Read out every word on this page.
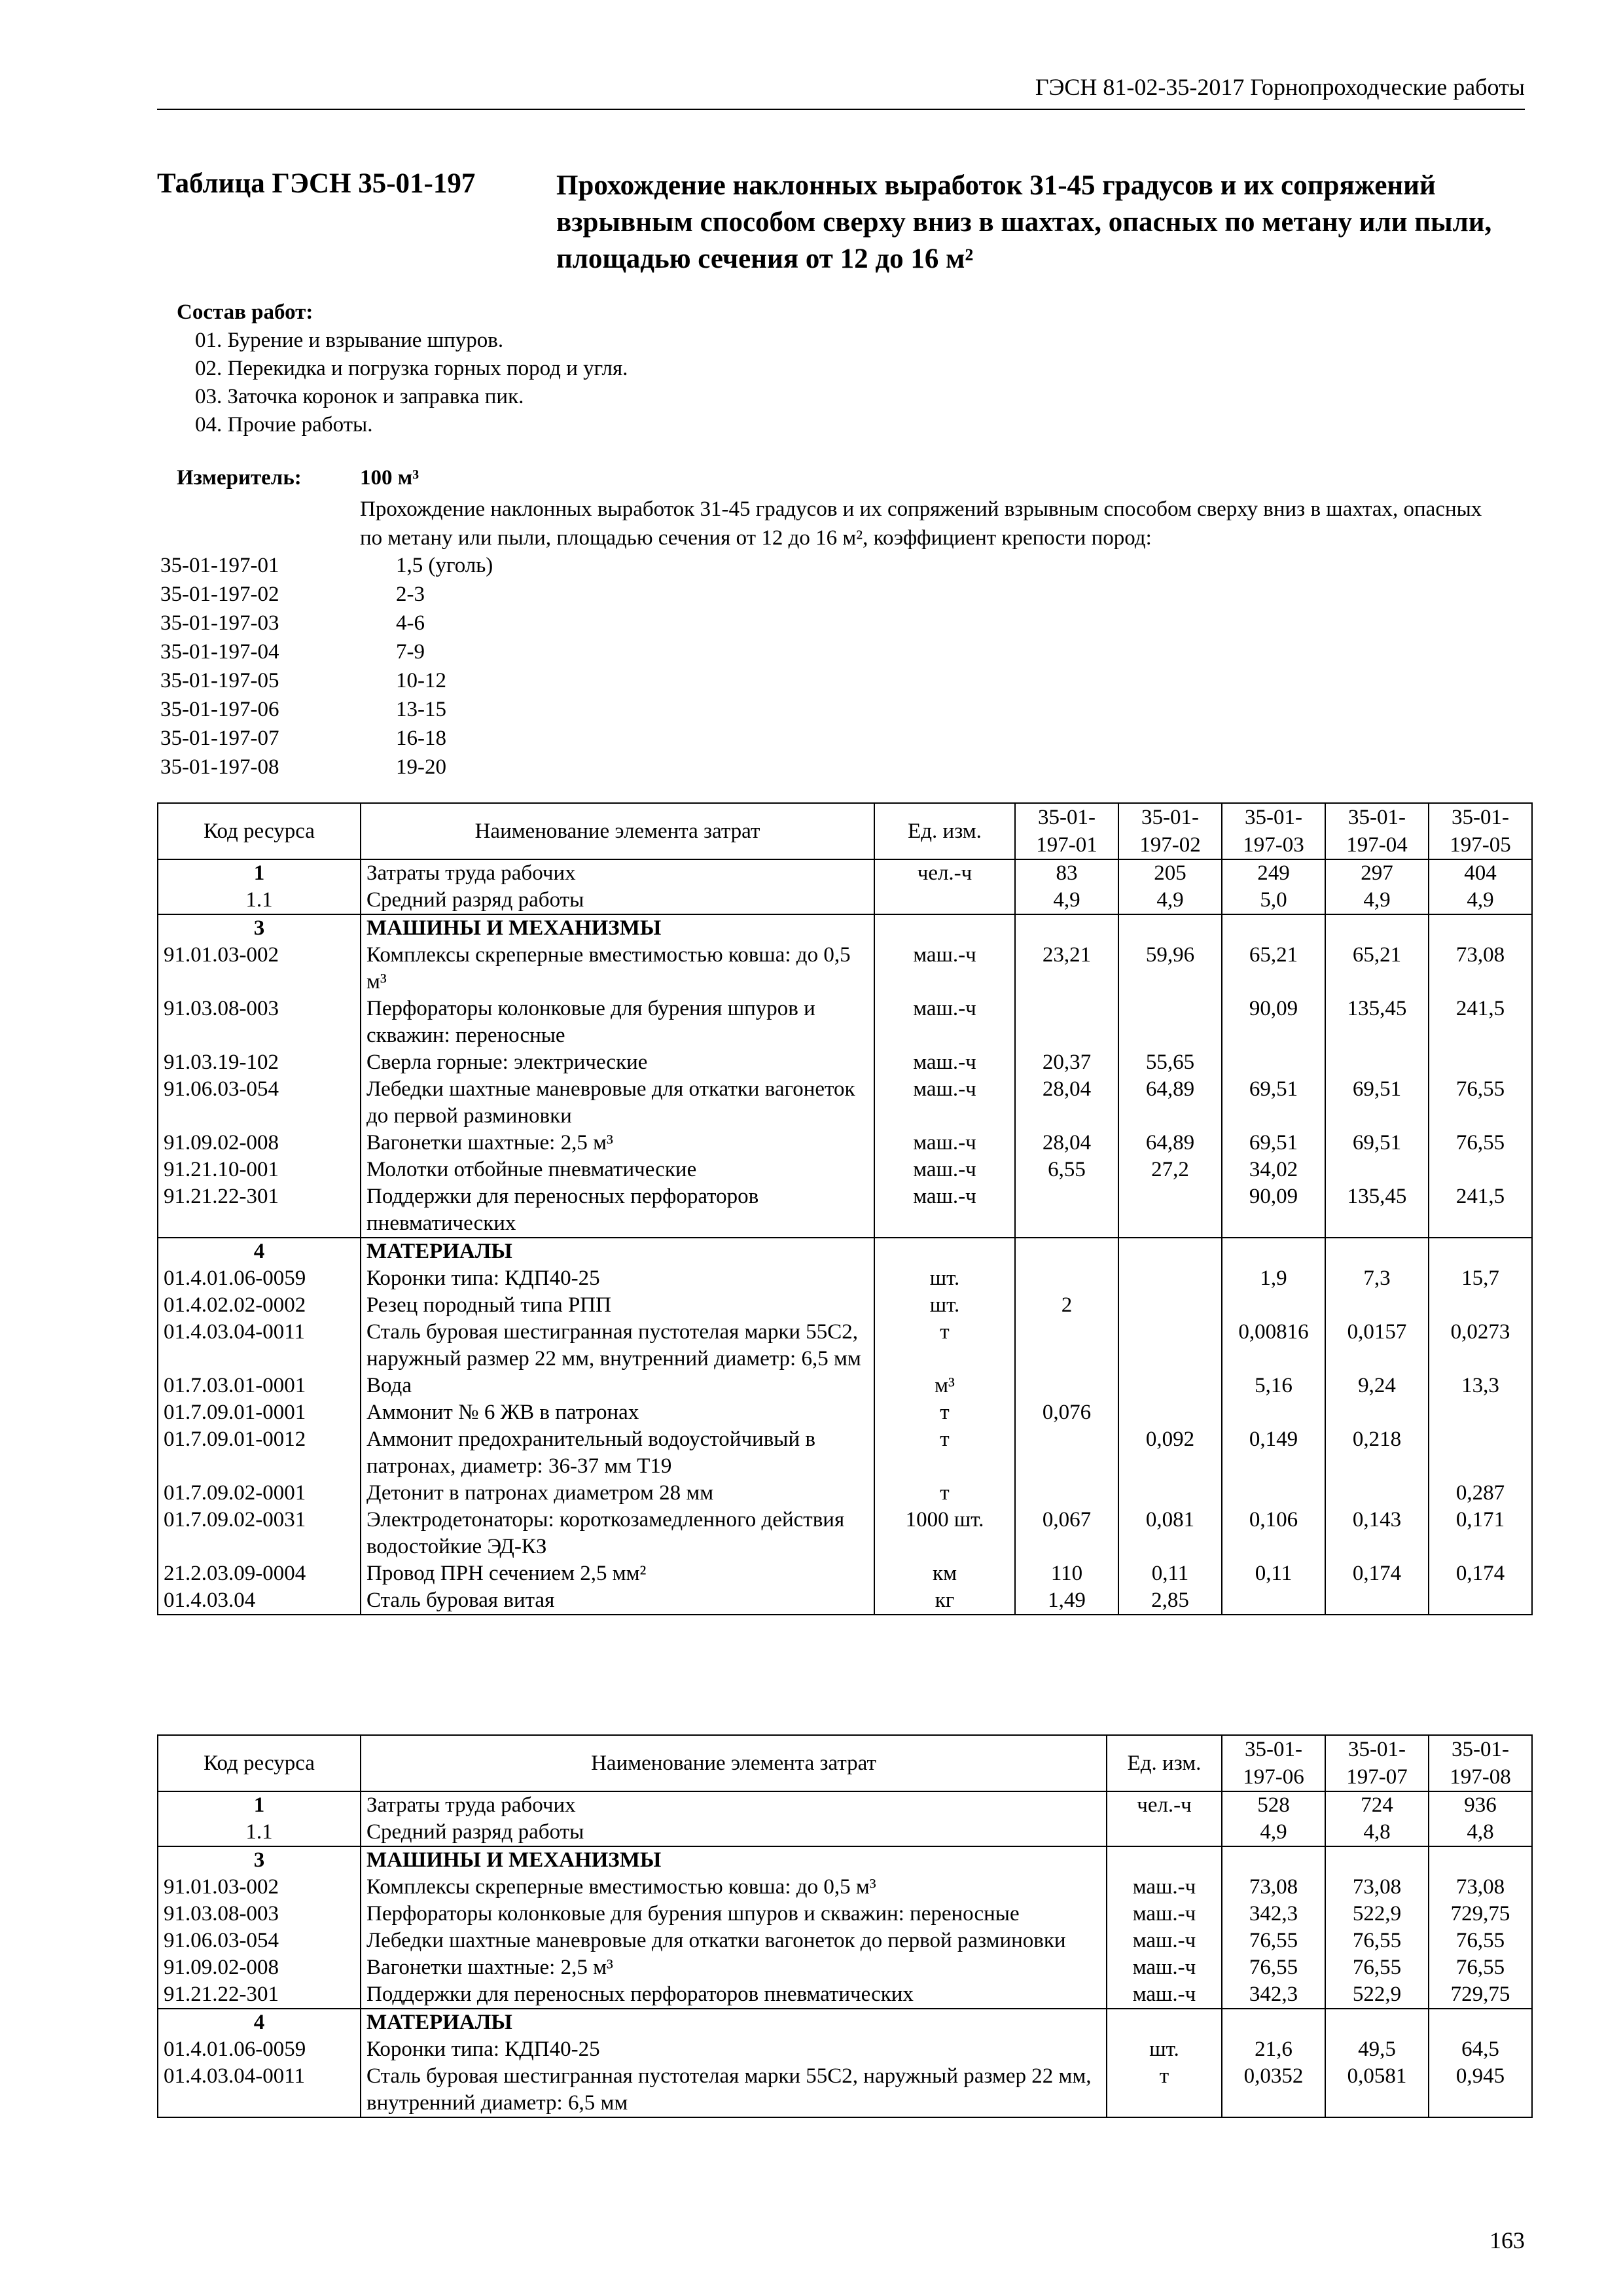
ГЭСН 81-02-35-2017 Горнопроходческие работы
Таблица ГЭСН 35-01-197	Прохождение наклонных выработок 31-45 градусов и их сопряжений взрывным способом сверху вниз в шахтах, опасных по метану или пыли, площадью сечения от 12 до 16 м²
Состав работ:
01. Бурение и взрывание шпуров.
02. Перекидка и погрузка горных пород и угля.
03. Заточка коронок и заправка пик.
04. Прочие работы.
Измеритель:	100 м³
Прохождение наклонных выработок 31-45 градусов и их сопряжений взрывным способом сверху вниз в шахтах, опасных по метану или пыли, площадью сечения от 12 до 16 м², коэффициент крепости пород:
35-01-197-01	1,5 (уголь)
35-01-197-02	2-3
35-01-197-03	4-6
35-01-197-04	7-9
35-01-197-05	10-12
35-01-197-06	13-15
35-01-197-07	16-18
35-01-197-08	19-20
Код ресурса	Наименование элемента затрат	Ед. изм.	35-01-197-01	35-01-197-02	35-01-197-03	35-01-197-04	35-01-197-05
1	Затраты труда рабочих	чел.-ч	83	205	249	297	404
1.1	Средний разряд работы		4,9	4,9	5,0	4,9	4,9
3	МАШИНЫ И МЕХАНИЗМЫ						
91.01.03-002	Комплексы скреперные вместимостью ковша: до 0,5 м³	маш.-ч	23,21	59,96	65,21	65,21	73,08
91.03.08-003	Перфораторы колонковые для бурения шпуров и скважин: переносные	маш.-ч			90,09	135,45	241,5
91.03.19-102	Сверла горные: электрические	маш.-ч	20,37	55,65			
91.06.03-054	Лебедки шахтные маневровые для откатки вагонеток до первой разминовки	маш.-ч	28,04	64,89	69,51	69,51	76,55
91.09.02-008	Вагонетки шахтные: 2,5 м³	маш.-ч	28,04	64,89	69,51	69,51	76,55
91.21.10-001	Молотки отбойные пневматические	маш.-ч	6,55	27,2	34,02		
91.21.22-301	Поддержки для переносных перфораторов пневматических	маш.-ч			90,09	135,45	241,5
4	МАТЕРИАЛЫ						
01.4.01.06-0059	Коронки типа: КДП40-25	шт.			1,9	7,3	15,7
01.4.02.02-0002	Резец породный типа РПП	шт.	2				
01.4.03.04-0011	Сталь буровая шестигранная пустотелая марки 55С2, наружный размер 22 мм, внутренний диаметр: 6,5 мм	т			0,00816	0,0157	0,0273
01.7.03.01-0001	Вода	м³			5,16	9,24	13,3
01.7.09.01-0001	Аммонит № 6 ЖВ в патронах	т	0,076				
01.7.09.01-0012	Аммонит предохранительный водоустойчивый в патронах, диаметр: 36-37 мм Т19	т		0,092	0,149	0,218	
01.7.09.02-0001	Детонит в патронах диаметром 28 мм	т					0,287
01.7.09.02-0031	Электродетонаторы: короткозамедленного действия водостойкие ЭД-КЗ	1000 шт.	0,067	0,081	0,106	0,143	0,171
21.2.03.09-0004	Провод ПРН сечением 2,5 мм²	км	110	0,11	0,11	0,174	0,174
01.4.03.04	Сталь буровая витая	кг	1,49	2,85			
Код ресурса	Наименование элемента затрат	Ед. изм.	35-01-197-06	35-01-197-07	35-01-197-08
1	Затраты труда рабочих	чел.-ч	528	724	936
1.1	Средний разряд работы		4,9	4,8	4,8
3	МАШИНЫ И МЕХАНИЗМЫ				
91.01.03-002	Комплексы скреперные вместимостью ковша: до 0,5 м³	маш.-ч	73,08	73,08	73,08
91.03.08-003	Перфораторы колонковые для бурения шпуров и скважин: переносные	маш.-ч	342,3	522,9	729,75
91.06.03-054	Лебедки шахтные маневровые для откатки вагонеток до первой разминовки	маш.-ч	76,55	76,55	76,55
91.09.02-008	Вагонетки шахтные: 2,5 м³	маш.-ч	76,55	76,55	76,55
91.21.22-301	Поддержки для переносных перфораторов пневматических	маш.-ч	342,3	522,9	729,75
4	МАТЕРИАЛЫ				
01.4.01.06-0059	Коронки типа: КДП40-25	шт.	21,6	49,5	64,5
01.4.03.04-0011	Сталь буровая шестигранная пустотелая марки 55С2, наружный размер 22 мм, внутренний диаметр: 6,5 мм	т	0,0352	0,0581	0,945
163
